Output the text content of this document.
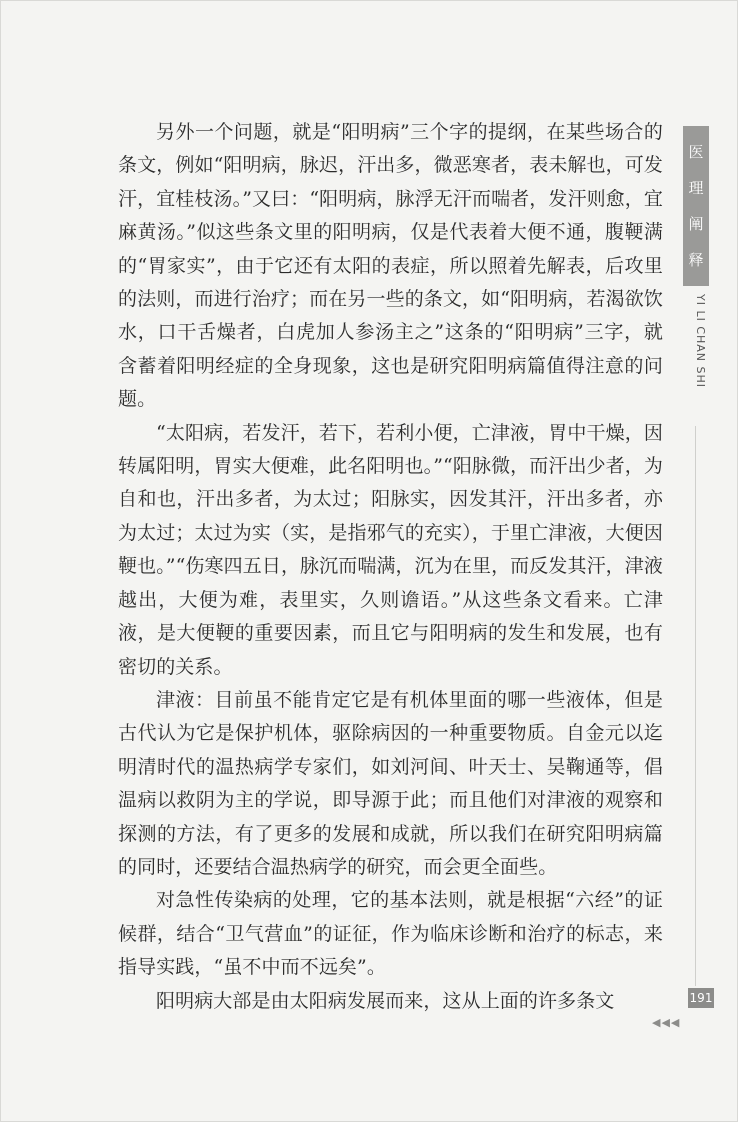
另外一个问题，就是“阳明病”三个字的提纲，在某些场合的条文，例如“阳明病，脉迟，汗出多，微恶寒者，表未解也，可发汗，宜桂枝汤。”又曰：“阳明病，脉浮无汗而喘者，发汗则愈，宜麻黄汤。”似这些条文里的阳明病，仅是代表着大便不通，腹鞕满的“胃家实”，由于它还有太阳的表症，所以照着先解表，后攻里的法则，而进行治疗；而在另一些的条文，如“阳明病，若渴欲饮水，口干舌燥者，白虎加人参汤主之”这条的“阳明病”三字，就含蓄着阳明经症的全身现象，这也是研究阳明病篇值得注意的问题。

“太阳病，若发汗，若下，若利小便，亡津液，胃中干燥，因转属阳明，胃实大便难，此名阳明也。”“阳脉微，而汗出少者，为自和也，汗出多者，为太过；阳脉实，因发其汗，汗出多者，亦为太过；太过为实（实，是指邪气的充实），于里亡津液，大便因鞕也。”“伤寒四五日，脉沉而喘满，沉为在里，而反发其汗，津液越出，大便为难，表里实，久则谵语。”从这些条文看来。亡津液，是大便鞕的重要因素，而且它与阳明病的发生和发展，也有密切的关系。

津液：目前虽不能肯定它是有机体里面的哪一些液体，但是古代认为它是保护机体，驱除病因的一种重要物质。自金元以迄明清时代的温热病学专家们，如刘河间、叶天士、吴鞠通等，倡温病以救阴为主的学说，即导源于此；而且他们对津液的观察和探测的方法，有了更多的发展和成就，所以我们在研究阳明病篇的同时，还要结合温热病学的研究，而会更全面些。

对急性传染病的处理，它的基本法则，就是根据“六经”的证候群，结合“卫气营血”的证征，作为临床诊断和治疗的标志，来指导实践，“虽不中而不远矣”。

阳明病大部是由太阳病发展而来，这从上面的许多条文

医
理
阐
释
YI LI CHAN SHI
191
◀◀◀
